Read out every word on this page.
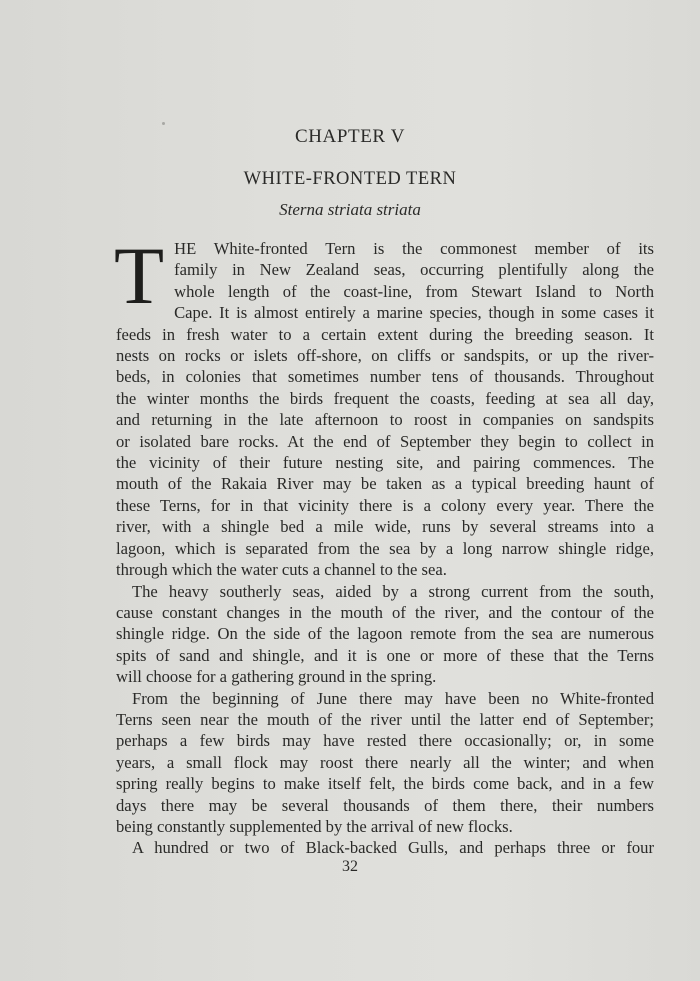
CHAPTER V
WHITE-FRONTED TERN
Sterna striata striata
T HE White-fronted Tern is the commonest member of its
family in New Zealand seas, occurring plentifully along the
whole length of the coast-line, from Stewart Island to North
Cape. It is almost entirely a marine species, though in some cases it
feeds in fresh water to a certain extent during the breeding season. It
nests on rocks or islets off-shore, on cliffs or sandspits, or up the river-
beds, in colonies that sometimes number tens of thousands. Throughout
the winter months the birds frequent the coasts, feeding at sea all day,
and returning in the late afternoon to roost in companies on sandspits
or isolated bare rocks. At the end of September they begin to collect in
the vicinity of their future nesting site, and pairing commences. The
mouth of the Rakaia River may be taken as a typical breeding haunt of
these Terns, for in that vicinity there is a colony every year. There the
river, with a shingle bed a mile wide, runs by several streams into a
lagoon, which is separated from the sea by a long narrow shingle ridge,
through which the water cuts a channel to the sea.
The heavy southerly seas, aided by a strong current from the south,
cause constant changes in the mouth of the river, and the contour of the
shingle ridge. On the side of the lagoon remote from the sea are numerous
spits of sand and shingle, and it is one or more of these that the Terns
will choose for a gathering ground in the spring.
From the beginning of June there may have been no White-fronted
Terns seen near the mouth of the river until the latter end of September;
perhaps a few birds may have rested there occasionally; or, in some
years, a small flock may roost there nearly all the winter; and when
spring really begins to make itself felt, the birds come back, and in a few
days there may be several thousands of them there, their numbers
being constantly supplemented by the arrival of new flocks.
A hundred or two of Black-backed Gulls, and perhaps three or four
32
